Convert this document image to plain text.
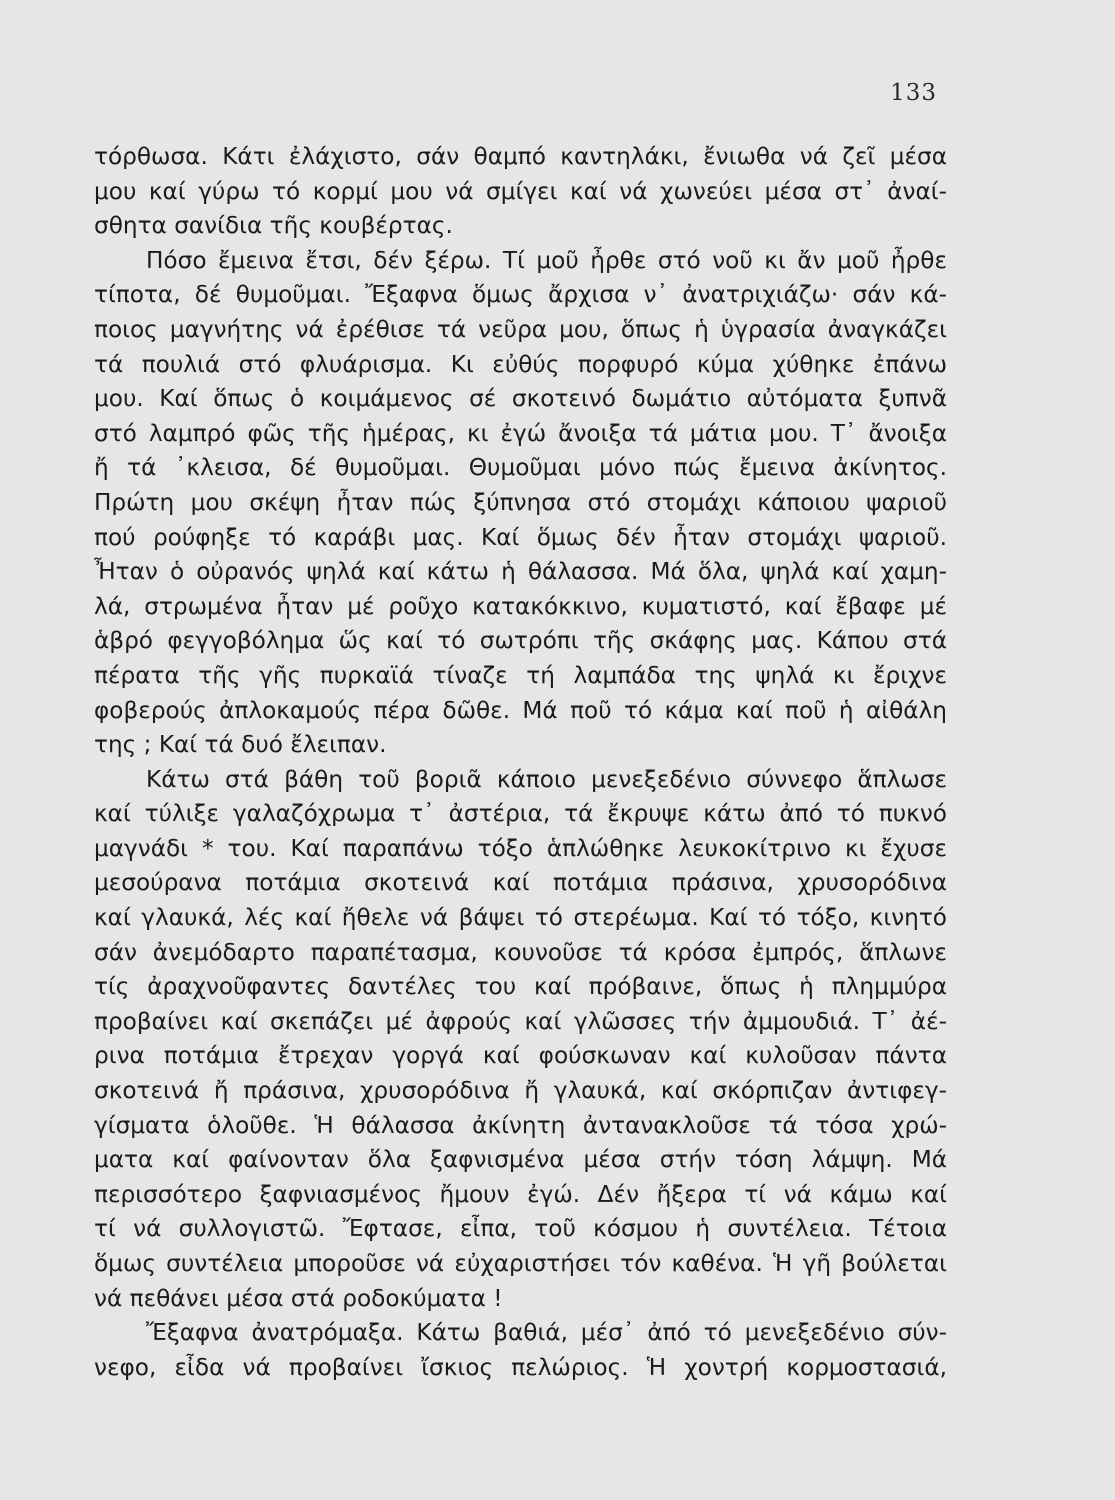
133
τόρθωσα. Κάτι ἐλάχιστο, σάν θαμπό καντηλάκι, ἔνιωθα νά ζεῖ μέσα
μου καί γύρω τό κορμί μου νά σμίγει καί νά χωνεύει μέσα στ᾽ ἀναί-
σθητα σανίδια τῆς κουβέρτας.
Πόσο ἔμεινα ἔτσι, δέν ξέρω. Τί μοῦ ἦρθε στό νοῦ κι ἄν μοῦ ἦρθε
τίποτα, δέ θυμοῦμαι. Ἔξαφνα ὅμως ἄρχισα ν᾽ ἀνατριχιάζω· σάν κά-
ποιος μαγνήτης νά ἐρέθισε τά νεῦρα μου, ὅπως ἡ ὑγρασία ἀναγκάζει
τά πουλιά στό φλυάρισμα. Κι εὐθύς πορφυρό κύμα χύθηκε ἐπάνω
μου. Καί ὅπως ὁ κοιμάμενος σέ σκοτεινό δωμάτιο αὐτόματα ξυπνᾶ
στό λαμπρό φῶς τῆς ἡμέρας, κι ἐγώ ἄνοιξα τά μάτια μου. Τ᾽ ἄνοιξα
ἤ τά ᾽κλεισα, δέ θυμοῦμαι. Θυμοῦμαι μόνο πώς ἔμεινα ἀκίνητος.
Πρώτη μου σκέψη ἦταν πώς ξύπνησα στό στομάχι κάποιου ψαριοῦ
πού ρούφηξε τό καράβι μας. Καί ὅμως δέν ἦταν στομάχι ψαριοῦ.
Ἦταν ὁ οὐρανός ψηλά καί κάτω ἡ θάλασσα. Μά ὅλα, ψηλά καί χαμη-
λά, στρωμένα ἦταν μέ ροῦχο κατακόκκινο, κυματιστό, καί ἔβαφε μέ
ἁβρό φεγγοβόλημα ὥς καί τό σωτρόπι τῆς σκάφης μας. Κάπου στά
πέρατα τῆς γῆς πυρκαϊά τίναζε τή λαμπάδα της ψηλά κι ἔριχνε
φοβερούς ἀπλοκαμούς πέρα δῶθε. Μά ποῦ τό κάμα καί ποῦ ἡ αἰθάλη
της ; Καί τά δυό ἔλειπαν.
Κάτω στά βάθη τοῦ βοριᾶ κάποιο μενεξεδένιο σύννεφο ἅπλωσε
καί τύλιξε γαλαζόχρωμα τ᾽ ἀστέρια, τά ἔκρυψε κάτω ἀπό τό πυκνό
μαγνάδι * του. Καί παραπάνω τόξο ἁπλώθηκε λευκοκίτρινο κι ἔχυσε
μεσούρανα ποτάμια σκοτεινά καί ποτάμια πράσινα, χρυσορόδινα
καί γλαυκά, λές καί ἤθελε νά βάψει τό στερέωμα. Καί τό τόξο, κινητό
σάν ἀνεμόδαρτο παραπέτασμα, κουνοῦσε τά κρόσα ἐμπρός, ἅπλωνε
τίς ἀραχνοῦφαντες δαντέλες του καί πρόβαινε, ὅπως ἡ πλημμύρα
προβαίνει καί σκεπάζει μέ ἀφρούς καί γλῶσσες τήν ἀμμουδιά. Τ᾽ ἀέ-
ρινα ποτάμια ἔτρεχαν γοργά καί φούσκωναν καί κυλοῦσαν πάντα
σκοτεινά ἤ πράσινα, χρυσορόδινα ἤ γλαυκά, καί σκόρπιζαν ἀντιφεγ-
γίσματα ὁλοῦθε. Ἡ θάλασσα ἀκίνητη ἀντανακλοῦσε τά τόσα χρώ-
ματα καί φαίνονταν ὅλα ξαφνισμένα μέσα στήν τόση λάμψη. Μά
περισσότερο ξαφνιασμένος ἤμουν ἐγώ. Δέν ἤξερα τί νά κάμω καί
τί νά συλλογιστῶ. Ἔφτασε, εἶπα, τοῦ κόσμου ἡ συντέλεια. Τέτοια
ὅμως συντέλεια μποροῦσε νά εὐχαριστήσει τόν καθένα. Ἡ γῆ βούλεται
νά πεθάνει μέσα στά ροδοκύματα !
Ἔξαφνα ἀνατρόμαξα. Κάτω βαθιά, μέσ᾽ ἀπό τό μενεξεδένιο σύν-
νεφο, εἶδα νά προβαίνει ἴσκιος πελώριος. Ἡ χοντρή κορμοστασιά,
